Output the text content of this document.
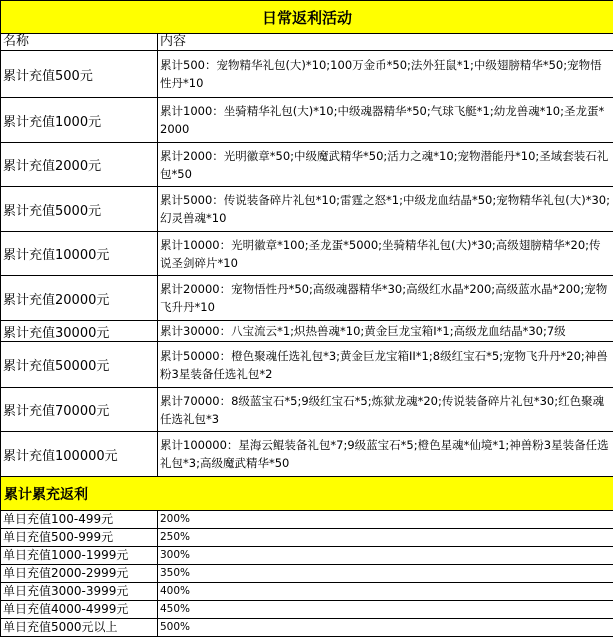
日常返利活动	
名称	内容
累计充值500元	累计500：宠物精华礼包(大)*10;100万金币*50;法外狂鼠*1;中级翅膀精华*50;宠物悟性丹*10
累计充值1000元	累计1000：坐骑精华礼包(大)*10;中级魂器精华*50;气球飞艇*1;幼龙兽魂*10;圣龙蛋*2000
累计充值2000元	累计2000：光明徽章*50;中级魔武精华*50;活力之魂*10;宠物潜能丹*10;圣域套装石礼包*50
累计充值5000元	累计5000：传说装备碎片礼包*10;雷霆之怒*1;中级龙血结晶*50;宠物精华礼包(大)*30;幻灵兽魂*10
累计充值10000元	累计10000：光明徽章*100;圣龙蛋*5000;坐骑精华礼包(大)*30;高级翅膀精华*20;传说圣剑碎片*10
累计充值20000元	累计20000：宠物悟性丹*50;高级魂器精华*30;高级红水晶*200;高级蓝水晶*200;宠物飞升丹*10
累计充值30000元	累计30000：八宝流云*1;炽热兽魂*10;黄金巨龙宝箱I*1;高级龙血结晶*30;7级
累计充值50000元	累计50000：橙色聚魂任选礼包*3;黄金巨龙宝箱II*1;8级红宝石*5;宠物飞升丹*20;神兽粉3星装备任选礼包*2
累计充值70000元	累计70000：8级蓝宝石*5;9级红宝石*5;炼狱龙魂*20;传说装备碎片礼包*30;红色聚魂任选礼包*3
累计充值100000元	累计100000：星海云鲲装备礼包*7;9级蓝宝石*5;橙色星魂*仙境*1;神兽粉3星装备任选礼包*3;高级魔武精华*50
累计累充返利	
单日充值100-499元	200%
单日充值500-999元	250%
单日充值1000-1999元	300%
单日充值2000-2999元	350%
单日充值3000-3999元	400%
单日充值4000-4999元	450%
单日充值5000元以上	500%
